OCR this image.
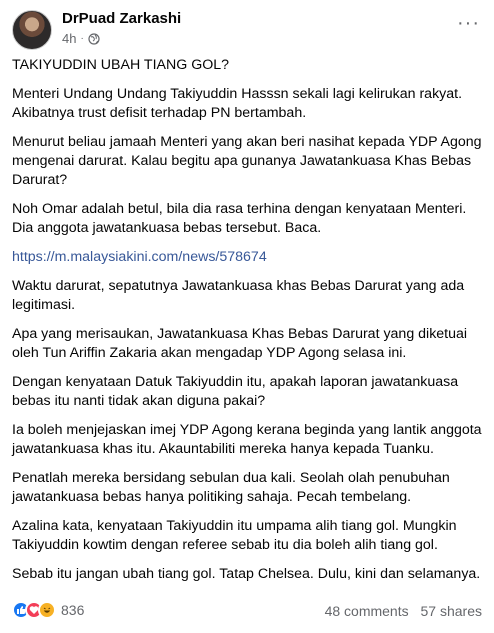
DrPuad Zarkashi
4h ·
···

TAKIYUDDIN UBAH TIANG GOL?

Menteri Undang Undang Takiyuddin Hasssn sekali lagi kelirukan rakyat. Akibatnya trust defisit terhadap PN bertambah.

Menurut beliau jamaah Menteri yang akan beri nasihat kepada YDP Agong mengenai darurat. Kalau begitu apa gunanya Jawatankuasa Khas Bebas Darurat?

Noh Omar adalah betul, bila dia rasa terhina dengan kenyataan Menteri. Dia anggota jawatankuasa bebas tersebut. Baca.

https://m.malaysiakini.com/news/578674

Waktu darurat, sepatutnya Jawatankuasa khas Bebas Darurat yang ada legitimasi.

Apa yang merisaukan, Jawatankuasa Khas Bebas Darurat yang diketuai oleh Tun Ariffin Zakaria akan mengadap YDP Agong selasa ini.

Dengan kenyataan Datuk Takiyuddin itu, apakah laporan jawatankuasa bebas itu nanti tidak akan diguna pakai?

Ia boleh menjejaskan imej YDP Agong kerana beginda yang lantik anggota jawatankuasa khas itu. Akauntabiliti mereka hanya kepada Tuanku.

Penatlah mereka bersidang sebulan dua kali. Seolah olah penubuhan jawatankuasa bebas hanya politiking sahaja. Pecah tembelang.

Azalina kata, kenyataan Takiyuddin itu umpama alih tiang gol. Mungkin Takiyuddin kowtim dengan referee sebab itu dia boleh alih tiang gol.

Sebab itu jangan ubah tiang gol. Tatap Chelsea. Dulu, kini dan selamanya.

836	48 comments 57 shares
